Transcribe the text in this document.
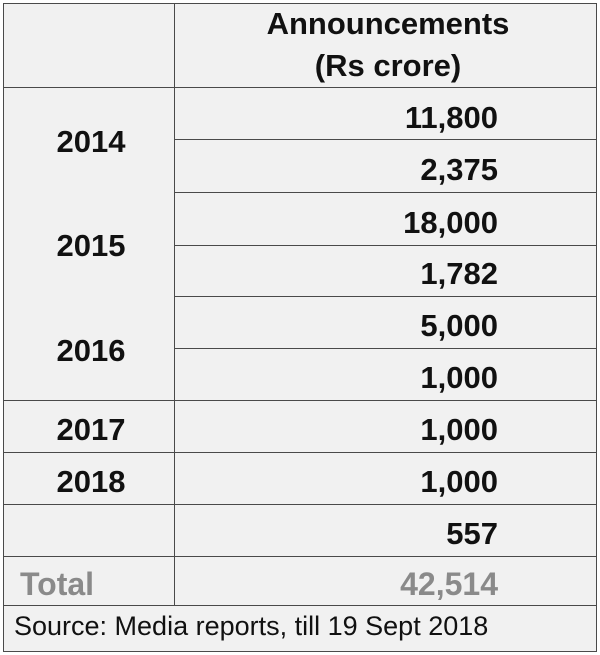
Announcements
(Rs crore)
2014
2015
2016
2017
2018
11,800
2,375
18,000
1,782
5,000
1,000
1,000
1,000
557
Total	42,514
Source: Media reports, till 19 Sept 2018
